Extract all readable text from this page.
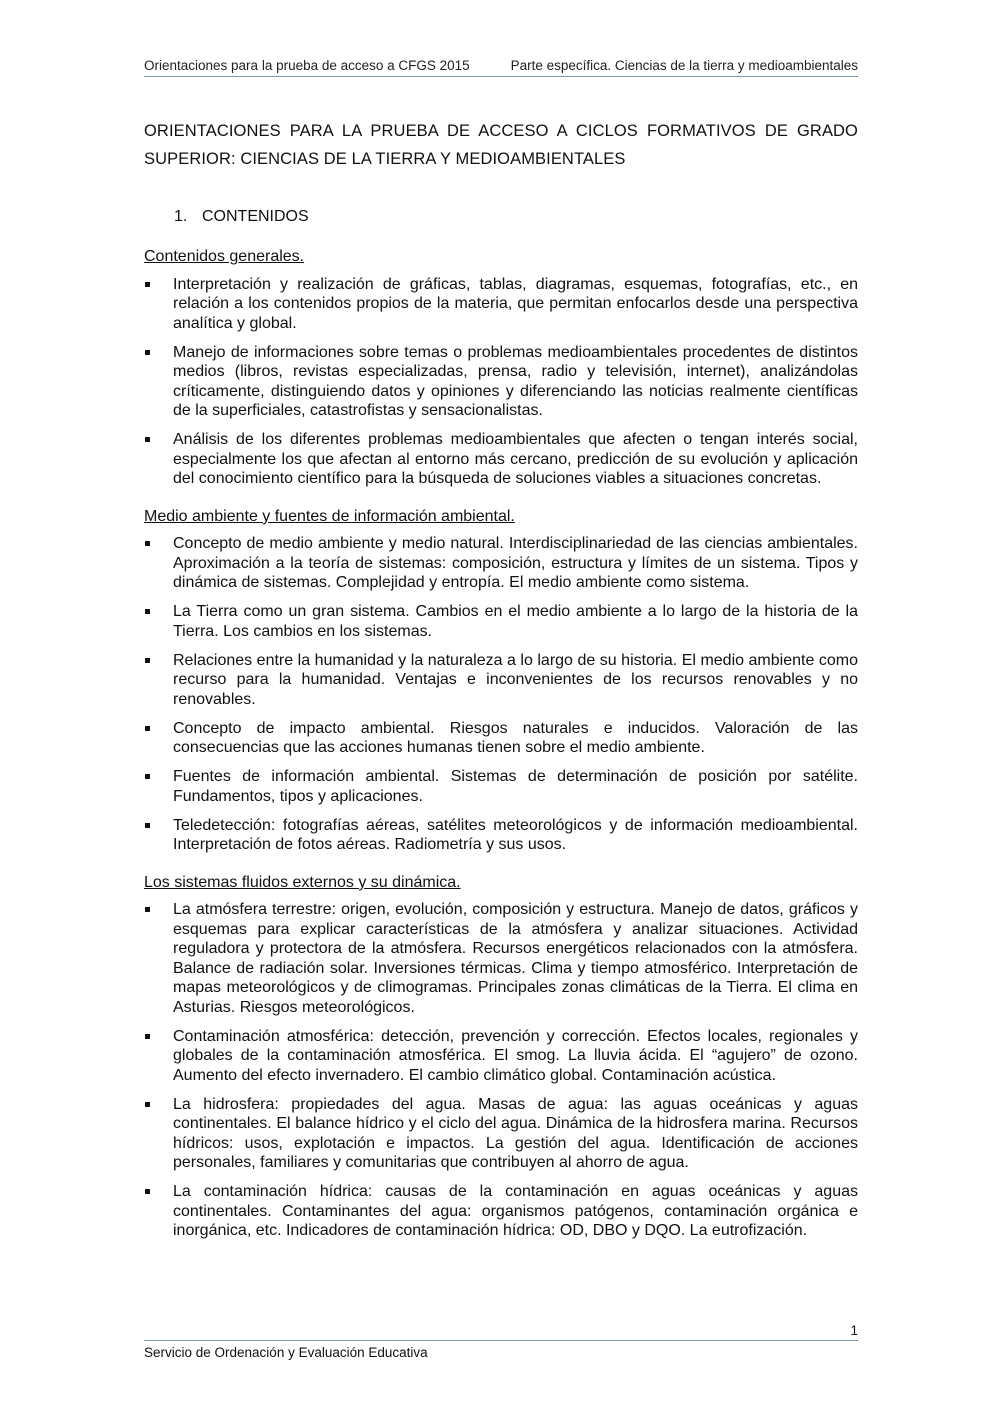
Orientaciones para la prueba de acceso a CFGS 2015	Parte específica. Ciencias de la tierra y medioambientales
ORIENTACIONES PARA LA PRUEBA DE ACCESO A CICLOS FORMATIVOS DE GRADO SUPERIOR: CIENCIAS DE LA TIERRA Y MEDIOAMBIENTALES
1. CONTENIDOS
Contenidos generales.
Interpretación y realización de gráficas, tablas, diagramas, esquemas, fotografías, etc., en relación a los contenidos propios de la materia, que permitan enfocarlos desde una perspectiva analítica y global.
Manejo de informaciones sobre temas o problemas medioambientales procedentes de distintos medios (libros, revistas especializadas, prensa, radio y televisión, internet), analizándolas críticamente, distinguiendo datos y opiniones y diferenciando las noticias realmente científicas de la superficiales, catastrofistas y sensacionalistas.
Análisis de los diferentes problemas medioambientales que afecten o tengan interés social, especialmente los que afectan al entorno más cercano, predicción de su evolución y aplicación del conocimiento científico para la búsqueda de soluciones viables a situaciones concretas.
Medio ambiente y fuentes de información ambiental.
Concepto de medio ambiente y medio natural. Interdisciplinariedad de las ciencias ambientales. Aproximación a la teoría de sistemas: composición, estructura y límites de un sistema. Tipos y dinámica de sistemas. Complejidad y entropía. El medio ambiente como sistema.
La Tierra como un gran sistema. Cambios en el medio ambiente a lo largo de la historia de la Tierra. Los cambios en los sistemas.
Relaciones entre la humanidad y la naturaleza a lo largo de su historia. El medio ambiente como recurso para la humanidad. Ventajas e inconvenientes de los recursos renovables y no renovables.
Concepto de impacto ambiental. Riesgos naturales e inducidos. Valoración de las consecuencias que las acciones humanas tienen sobre el medio ambiente.
Fuentes de información ambiental. Sistemas de determinación de posición por satélite. Fundamentos, tipos y aplicaciones.
Teledetección: fotografías aéreas, satélites meteorológicos y de información medioambiental. Interpretación de fotos aéreas. Radiometría y sus usos.
Los sistemas fluidos externos y su dinámica.
La atmósfera terrestre: origen, evolución, composición y estructura. Manejo de datos, gráficos y esquemas para explicar características de la atmósfera y analizar situaciones. Actividad reguladora y protectora de la atmósfera. Recursos energéticos relacionados con la atmósfera. Balance de radiación solar. Inversiones térmicas. Clima y tiempo atmosférico. Interpretación de mapas meteorológicos y de climogramas. Principales zonas climáticas de la Tierra. El clima en Asturias. Riesgos meteorológicos.
Contaminación atmosférica: detección, prevención y corrección. Efectos locales, regionales y globales de la contaminación atmosférica. El smog. La lluvia ácida. El “agujero” de ozono. Aumento del efecto invernadero. El cambio climático global. Contaminación acústica.
La hidrosfera: propiedades del agua. Masas de agua: las aguas oceánicas y aguas continentales. El balance hídrico y el ciclo del agua. Dinámica de la hidrosfera marina. Recursos hídricos: usos, explotación e impactos. La gestión del agua. Identificación de acciones personales, familiares y comunitarias que contribuyen al ahorro de agua.
La contaminación hídrica: causas de la contaminación en aguas oceánicas y aguas continentales. Contaminantes del agua: organismos patógenos, contaminación orgánica e inorgánica, etc. Indicadores de contaminación hídrica: OD, DBO y DQO. La eutrofización.
1
Servicio de Ordenación y Evaluación Educativa
